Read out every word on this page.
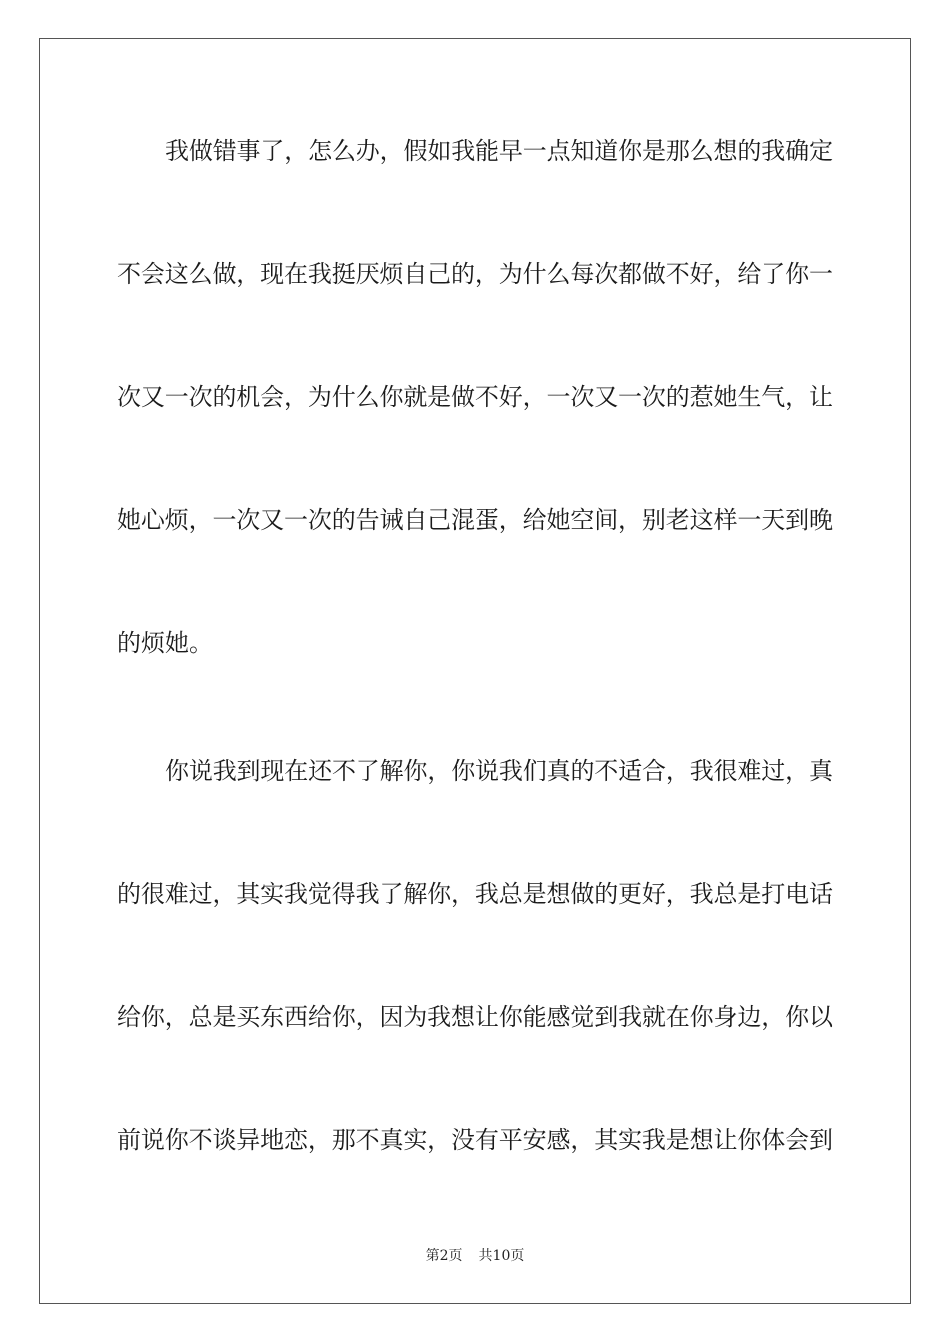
我做错事了，怎么办，假如我能早一点知道你是那么想的我确定
不会这么做，现在我挺厌烦自己的，为什么每次都做不好，给了你一
次又一次的机会，为什么你就是做不好，一次又一次的惹她生气，让
她心烦，一次又一次的告诫自己混蛋，给她空间，别老这样一天到晚
的烦她。
你说我到现在还不了解你，你说我们真的不适合，我很难过，真
的很难过，其实我觉得我了解你，我总是想做的更好，我总是打电话
给你，总是买东西给你，因为我想让你能感觉到我就在你身边，你以
前说你不谈异地恋，那不真实，没有平安感，其实我是想让你体会到
第2页 共10页
